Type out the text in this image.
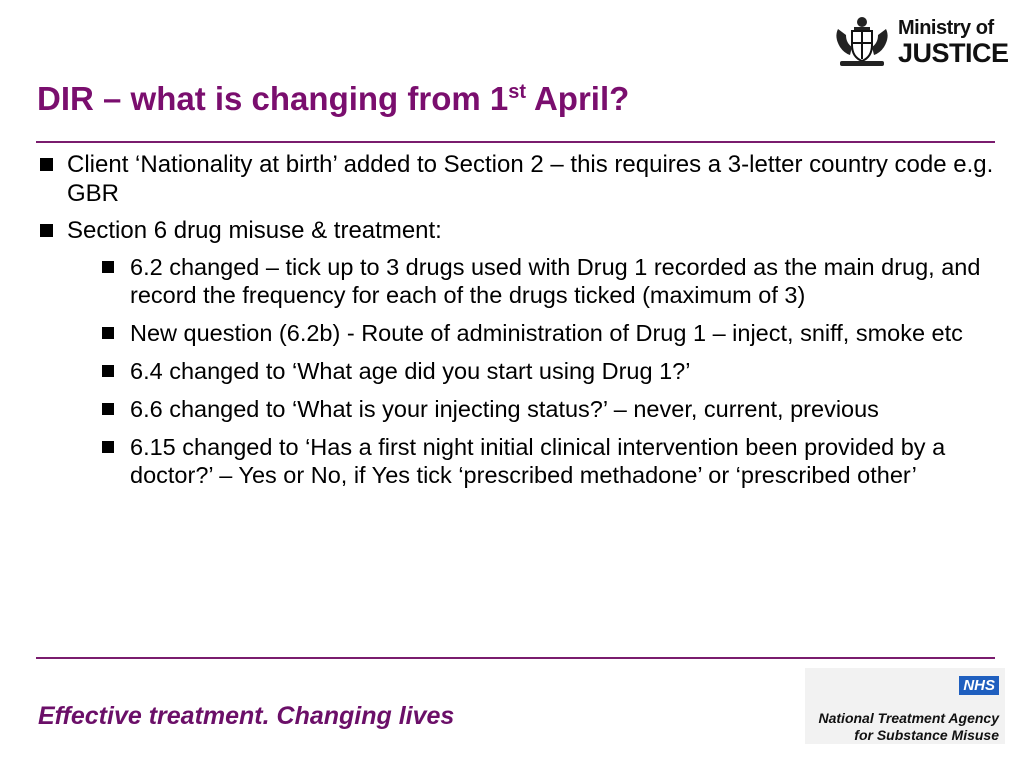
Ministry of
JUSTICE
DIR – what is changing from 1st April?
Client ‘Nationality at birth’ added to Section 2 – this requires a 3-letter country code e.g. GBR
Section 6 drug misuse & treatment:
6.2 changed – tick up to 3 drugs used with Drug 1 recorded as the main drug, and record the frequency for each of the drugs ticked (maximum of 3)
New question (6.2b) - Route of administration of Drug 1 – inject, sniff, smoke etc
6.4 changed to ‘What age did you start using Drug 1?’
6.6 changed to ‘What is your injecting status?’ – never, current, previous
6.15 changed to ‘Has a first night initial clinical intervention been provided by a doctor?’ – Yes or No, if Yes tick ‘prescribed methadone’ or ‘prescribed other’

Effective treatment. Changing lives

NHS
National Treatment Agency
for Substance Misuse
